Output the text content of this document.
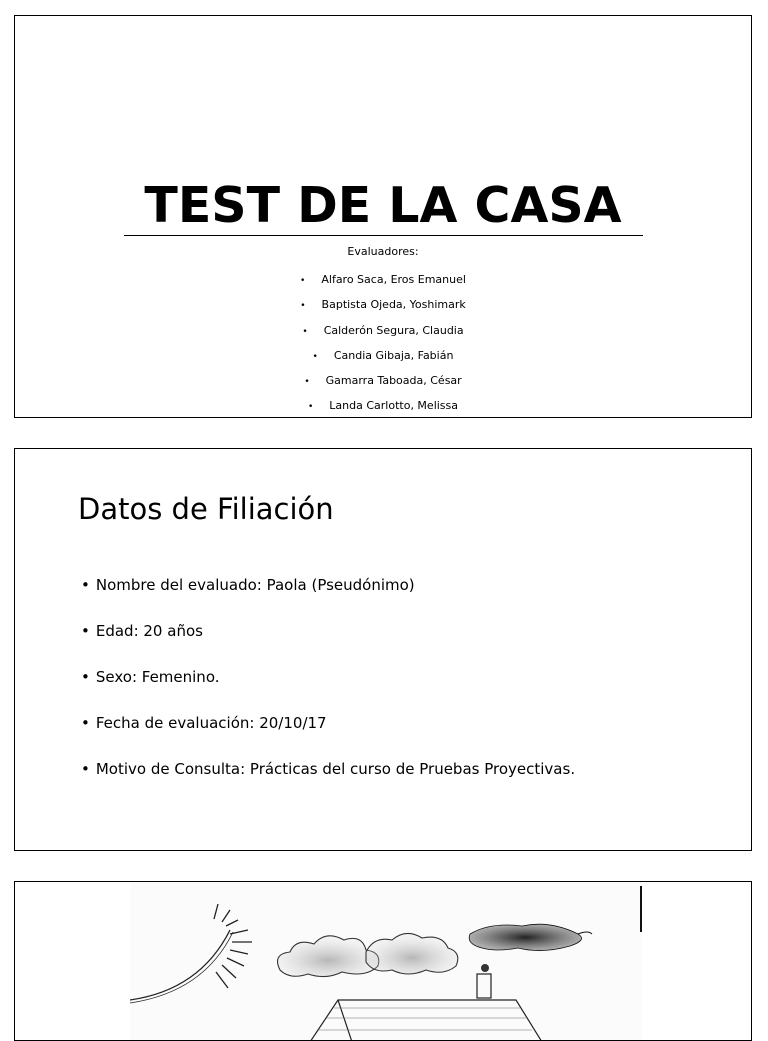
TEST DE LA CASA

Evaluadores:

• Alfaro Saca, Eros Emanuel
• Baptista Ojeda, Yoshimark
• Calderón Segura, Claudia
• Candia Gibaja, Fabián
• Gamarra Taboada, César
• Landa Carlotto, Melissa
Datos de Filiación
• Nombre del evaluado: Paola (Pseudónimo)
• Edad: 20 años
• Sexo: Femenino.
• Fecha de evaluación: 20/10/17
• Motivo de Consulta: Prácticas del curso de Pruebas Proyectivas.
